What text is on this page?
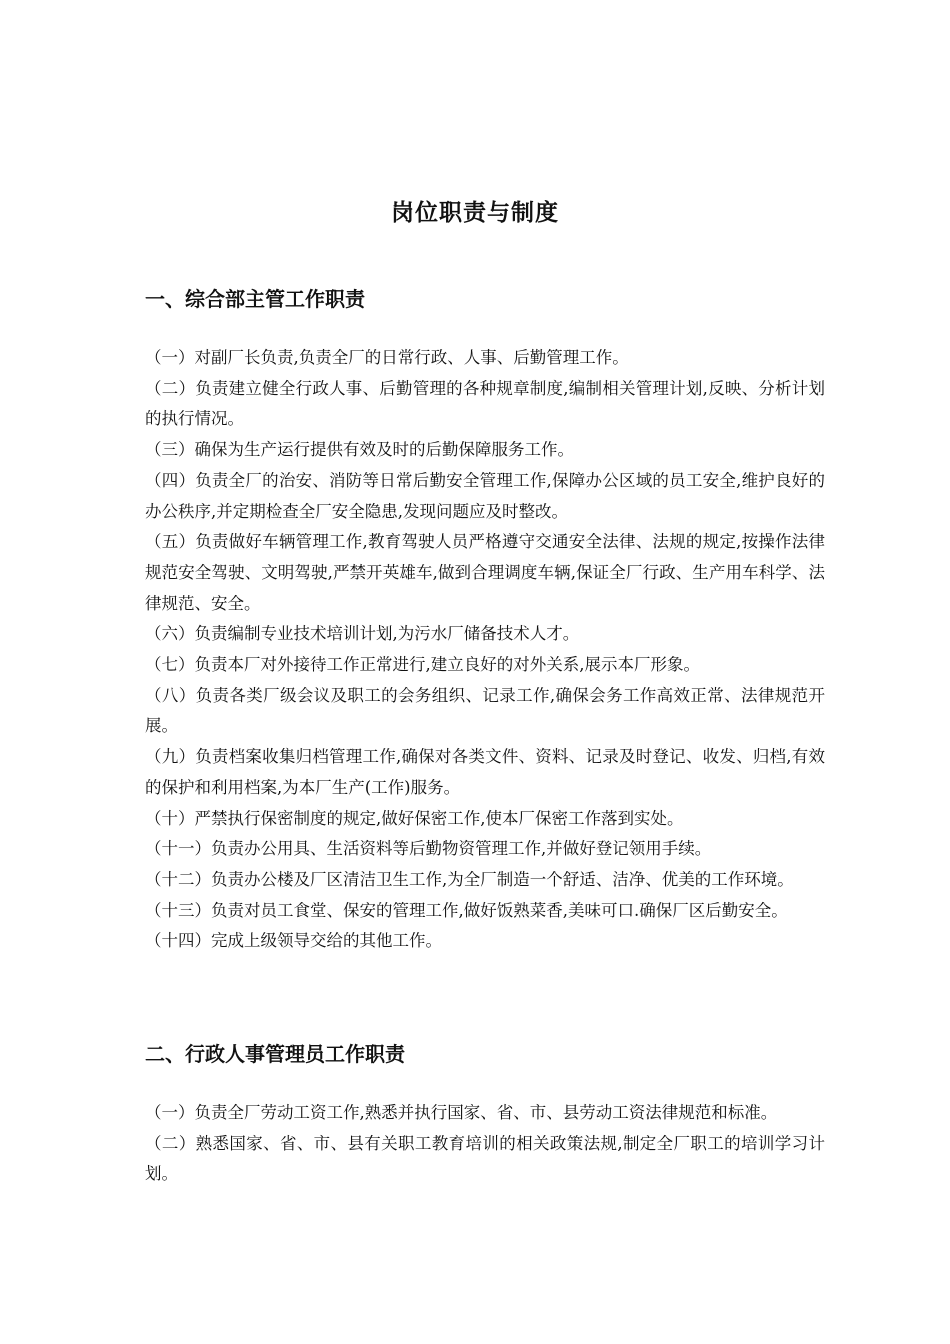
岗位职责与制度
一、综合部主管工作职责
（一）对副厂长负责,负责全厂的日常行政、人事、后勤管理工作。
（二）负责建立健全行政人事、后勤管理的各种规章制度,编制相关管理计划,反映、分析计划的执行情况。
（三）确保为生产运行提供有效及时的后勤保障服务工作。
（四）负责全厂的治安、消防等日常后勤安全管理工作,保障办公区域的员工安全,维护良好的办公秩序,并定期检查全厂安全隐患,发现问题应及时整改。
（五）负责做好车辆管理工作,教育驾驶人员严格遵守交通安全法律、法规的规定,按操作法律规范安全驾驶、文明驾驶,严禁开英雄车,做到合理调度车辆,保证全厂行政、生产用车科学、法律规范、安全。
（六）负责编制专业技术培训计划,为污水厂储备技术人才。
（七）负责本厂对外接待工作正常进行,建立良好的对外关系,展示本厂形象。
（八）负责各类厂级会议及职工的会务组织、记录工作,确保会务工作高效正常、法律规范开展。
（九）负责档案收集归档管理工作,确保对各类文件、资料、记录及时登记、收发、归档,有效的保护和利用档案,为本厂生产(工作)服务。
（十）严禁执行保密制度的规定,做好保密工作,使本厂保密工作落到实处。
（十一）负责办公用具、生活资料等后勤物资管理工作,并做好登记领用手续。
（十二）负责办公楼及厂区清洁卫生工作,为全厂制造一个舒适、洁净、优美的工作环境。
（十三）负责对员工食堂、保安的管理工作,做好饭熟菜香,美味可口.确保厂区后勤安全。
（十四）完成上级领导交给的其他工作。
二、行政人事管理员工作职责
（一）负责全厂劳动工资工作,熟悉并执行国家、省、市、县劳动工资法律规范和标准。
（二）熟悉国家、省、市、县有关职工教育培训的相关政策法规,制定全厂职工的培训学习计划。
